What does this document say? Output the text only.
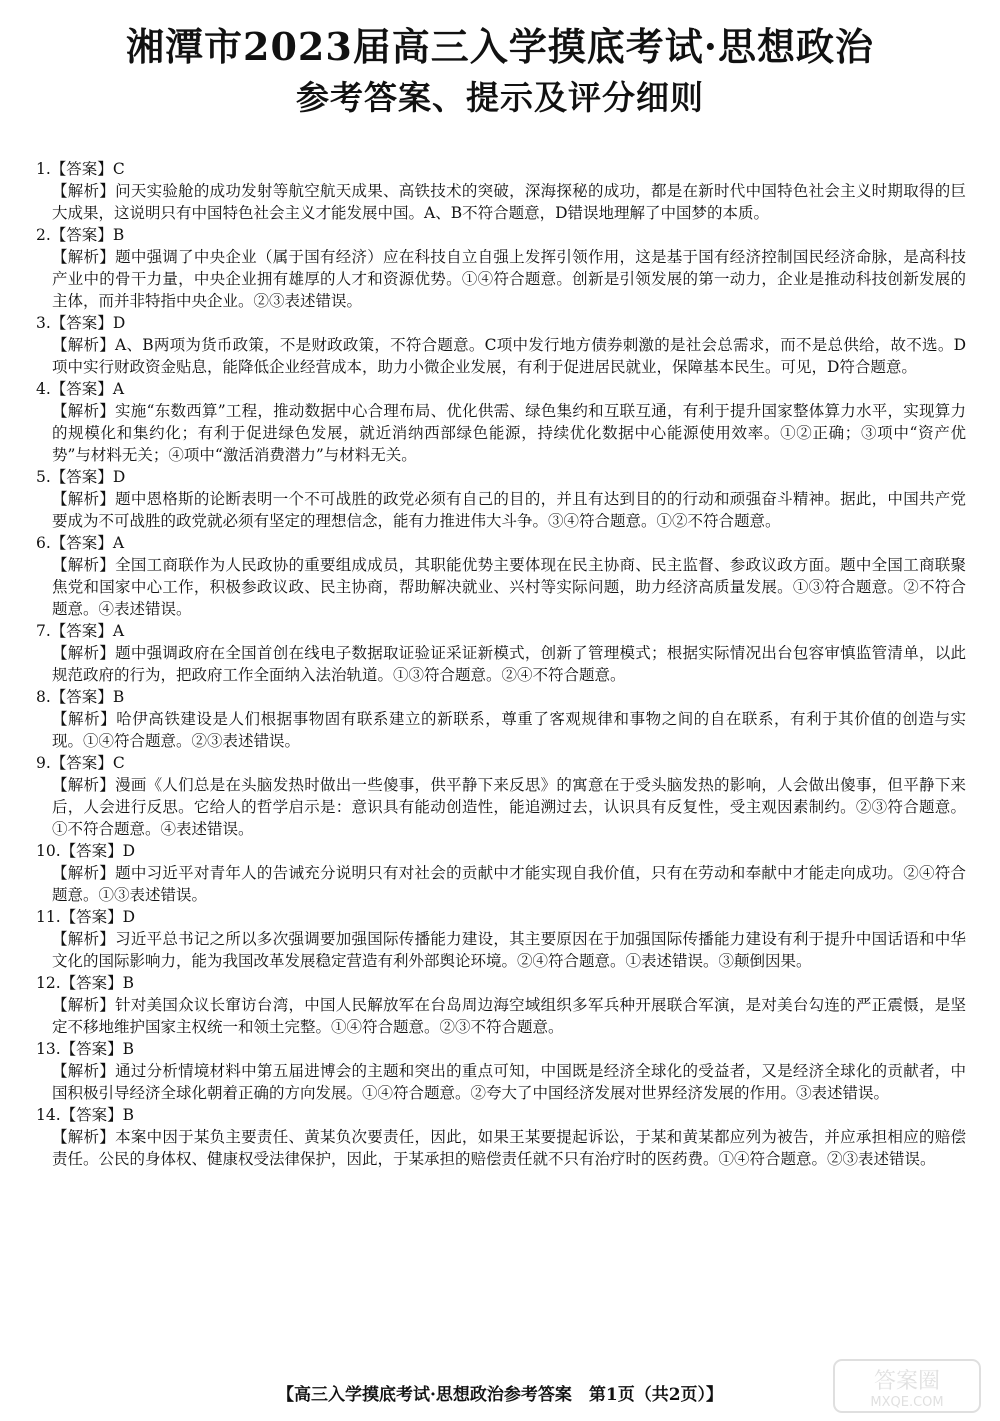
湘潭市2023届高三入学摸底考试·思想政治
参考答案、提示及评分细则
1.【答案】C
【解析】问天实验舱的成功发射等航空航天成果、高铁技术的突破，深海探秘的成功，都是在新时代中国特色社会主义时期取得的巨大成果，这说明只有中国特色社会主义才能发展中国。A、B不符合题意，D错误地理解了中国梦的本质。
2.【答案】B
【解析】题中强调了中央企业（属于国有经济）应在科技自立自强上发挥引领作用，这是基于国有经济控制国民经济命脉，是高科技产业中的骨干力量，中央企业拥有雄厚的人才和资源优势。①④符合题意。创新是引领发展的第一动力，企业是推动科技创新发展的主体，而并非特指中央企业。②③表述错误。
3.【答案】D
【解析】A、B两项为货币政策，不是财政政策，不符合题意。C项中发行地方债券刺激的是社会总需求，而不是总供给，故不选。D项中实行财政资金贴息，能降低企业经营成本，助力小微企业发展，有利于促进居民就业，保障基本民生。可见，D符合题意。
4.【答案】A
【解析】实施“东数西算”工程，推动数据中心合理布局、优化供需、绿色集约和互联互通，有利于提升国家整体算力水平，实现算力的规模化和集约化；有利于促进绿色发展，就近消纳西部绿色能源，持续优化数据中心能源使用效率。①②正确；③项中“资产优势”与材料无关；④项中“激活消费潜力”与材料无关。
5.【答案】D
【解析】题中恩格斯的论断表明一个不可战胜的政党必须有自己的目的，并且有达到目的的行动和顽强奋斗精神。据此，中国共产党要成为不可战胜的政党就必须有坚定的理想信念，能有力推进伟大斗争。③④符合题意。①②不符合题意。
6.【答案】A
【解析】全国工商联作为人民政协的重要组成成员，其职能优势主要体现在民主协商、民主监督、参政议政方面。题中全国工商联聚焦党和国家中心工作，积极参政议政、民主协商，帮助解决就业、兴村等实际问题，助力经济高质量发展。①③符合题意。②不符合题意。④表述错误。
7.【答案】A
【解析】题中强调政府在全国首创在线电子数据取证验证采证新模式，创新了管理模式；根据实际情况出台包容审慎监管清单，以此规范政府的行为，把政府工作全面纳入法治轨道。①③符合题意。②④不符合题意。
8.【答案】B
【解析】哈伊高铁建设是人们根据事物固有联系建立的新联系，尊重了客观规律和事物之间的自在联系，有利于其价值的创造与实现。①④符合题意。②③表述错误。
9.【答案】C
【解析】漫画《人们总是在头脑发热时做出一些傻事，供平静下来反思》的寓意在于受头脑发热的影响，人会做出傻事，但平静下来后，人会进行反思。它给人的哲学启示是：意识具有能动创造性，能追溯过去，认识具有反复性，受主观因素制约。②③符合题意。①不符合题意。④表述错误。
10.【答案】D
【解析】题中习近平对青年人的告诫充分说明只有对社会的贡献中才能实现自我价值，只有在劳动和奉献中才能走向成功。②④符合题意。①③表述错误。
11.【答案】D
【解析】习近平总书记之所以多次强调要加强国际传播能力建设，其主要原因在于加强国际传播能力建设有利于提升中国话语和中华文化的国际影响力，能为我国改革发展稳定营造有利外部舆论环境。②④符合题意。①表述错误。③颠倒因果。
12.【答案】B
【解析】针对美国众议长窜访台湾，中国人民解放军在台岛周边海空域组织多军兵种开展联合军演，是对美台勾连的严正震慑，是坚定不移地维护国家主权统一和领土完整。①④符合题意。②③不符合题意。
13.【答案】B
【解析】通过分析情境材料中第五届进博会的主题和突出的重点可知，中国既是经济全球化的受益者，又是经济全球化的贡献者，中国积极引导经济全球化朝着正确的方向发展。①④符合题意。②夸大了中国经济发展对世界经济发展的作用。③表述错误。
14.【答案】B
【解析】本案中因于某负主要责任、黄某负次要责任，因此，如果王某要提起诉讼，于某和黄某都应列为被告，并应承担相应的赔偿责任。公民的身体权、健康权受法律保护，因此，于某承担的赔偿责任就不只有治疗时的医药费。①④符合题意。②③表述错误。
【高三入学摸底考试·思想政治参考答案　第1页（共2页）】
答案圈
MXQE.COM
